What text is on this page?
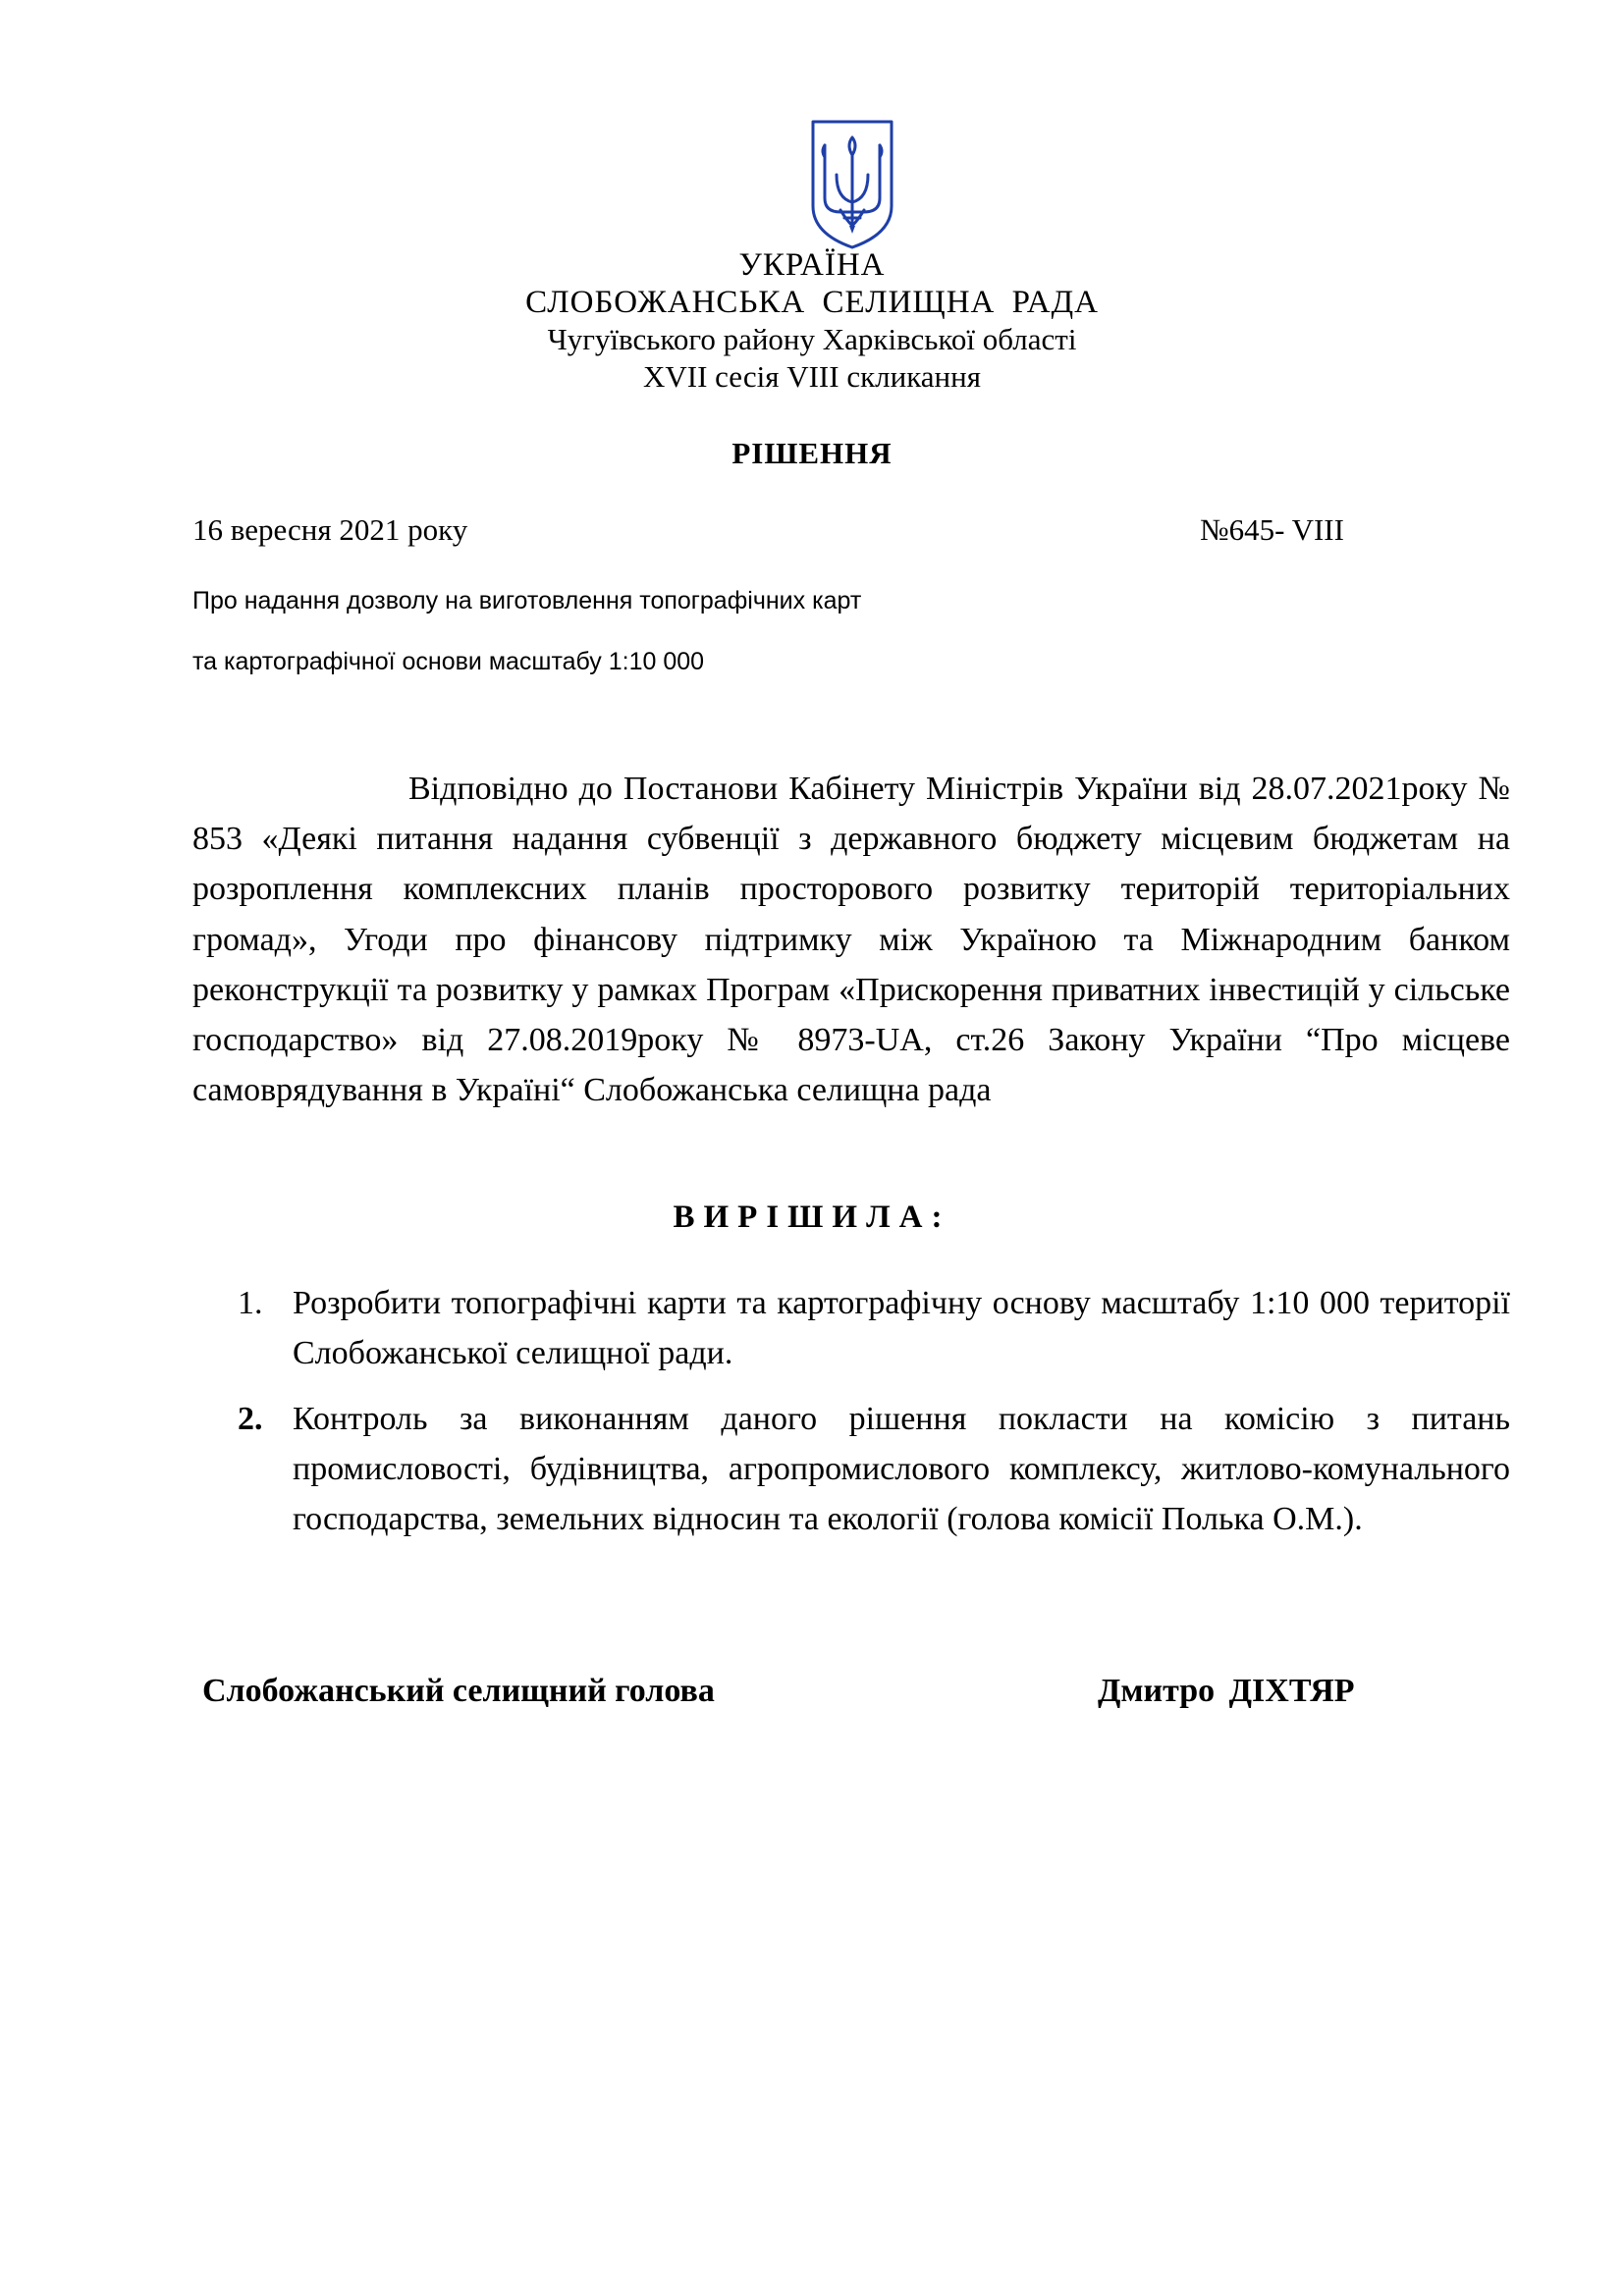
УКРАЇНА
СЛОБОЖАНСЬКА СЕЛИЩНА РАДА
Чугуївського району Харківської області
XVII сесія VIII скликання
РІШЕННЯ
16 вересня 2021 року	№645- VIII
Про надання дозволу на виготовлення топографічних карт
та картографічної основи масштабу 1:10 000

Відповідно до Постанови Кабінету Міністрів України від 28.07.2021року № 853 «Деякі питання надання субвенції з державного бюджету місцевим бюджетам на розроплення комплексних планів просторового розвитку територій територіальних громад», Угоди про фінансову підтримку між Україною та Міжнародним банком реконструкції та розвитку у рамках Програм «Прискорення приватних інвестицій у сільське господарство» від 27.08.2019року № 8973-UA, ст.26 Закону України “Про місцеве самоврядування в Україні“ Слобожанська селищна рада

ВИРІШИЛА:
1. Розробити топографічні карти та картографічну основу масштабу 1:10 000 території Слобожанської селищної ради.
2. Контроль за виконанням даного рішення покласти на комісію з питань промисловості, будівництва, агропромислового комплексу, житлово-комунального господарства, земельних відносин та екології (голова комісії Полька О.М.).
Слобожанський селищний голова	Дмитро ДІХТЯР
